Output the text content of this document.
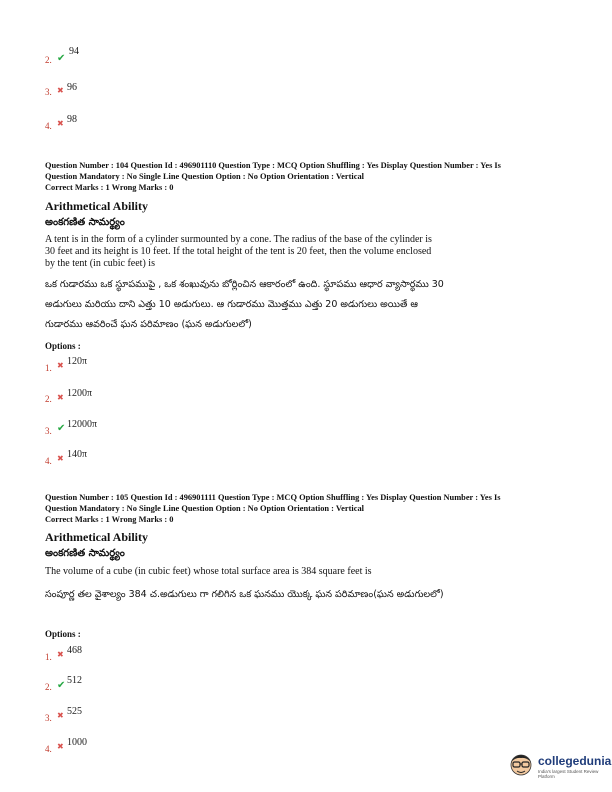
2. ✔
94
3. ✖ 96
4. ✖ 98
Question Number : 104 Question Id : 496901110 Question Type : MCQ Option Shuffling : Yes Display Question Number : Yes Is
Question Mandatory : No Single Line Question Option : No Option Orientation : Vertical
Correct Marks : 1 Wrong Marks : 0
Arithmetical Ability
అంకగణిత సామర్థ్యం
A tent is in the form of a cylinder surmounted by a cone. The radius of the base of the cylinder is 30 feet and its height is 10 feet. If the total height of the tent is 20 feet, then the volume enclosed by the tent (in cubic feet) is
ఒక గుడారము ఒక స్థూపముపై , ఒక శంఖువును బోర్లించిన ఆకారంలో ఉంది. స్థూపము ఆధార వ్యాసార్ధము 30 అడుగులు మరియు దాని ఎత్తు 10 అడుగులు. ఆ గుడారము మొత్తము ఎత్తు 20 అడుగులు అయితే ఆ గుడారము ఆవరించే ఘన పరిమాణం (ఘన అడుగులలో)
Options :
1. ✖ 120π
2. ✖ 1200π
3. ✔ 12000π
4. ✖ 140π
Question Number : 105 Question Id : 496901111 Question Type : MCQ Option Shuffling : Yes Display Question Number : Yes Is
Question Mandatory : No Single Line Question Option : No Option Orientation : Vertical
Correct Marks : 1 Wrong Marks : 0
Arithmetical Ability
అంకగణిత సామర్థ్యం
The volume of a cube (in cubic feet) whose total surface area is 384 square feet is
సంపూర్ణ తల వైశాల్యం 384 చ.అడుగులు గా గలిగిన ఒక ఘనము యొక్క ఘన పరిమాణం(ఘన అడుగులలో)
Options :
1. ✖ 468
2. ✔ 512
3. ✖ 525
4. ✖ 1000
collegedunia
India's largest Student Review Platform
